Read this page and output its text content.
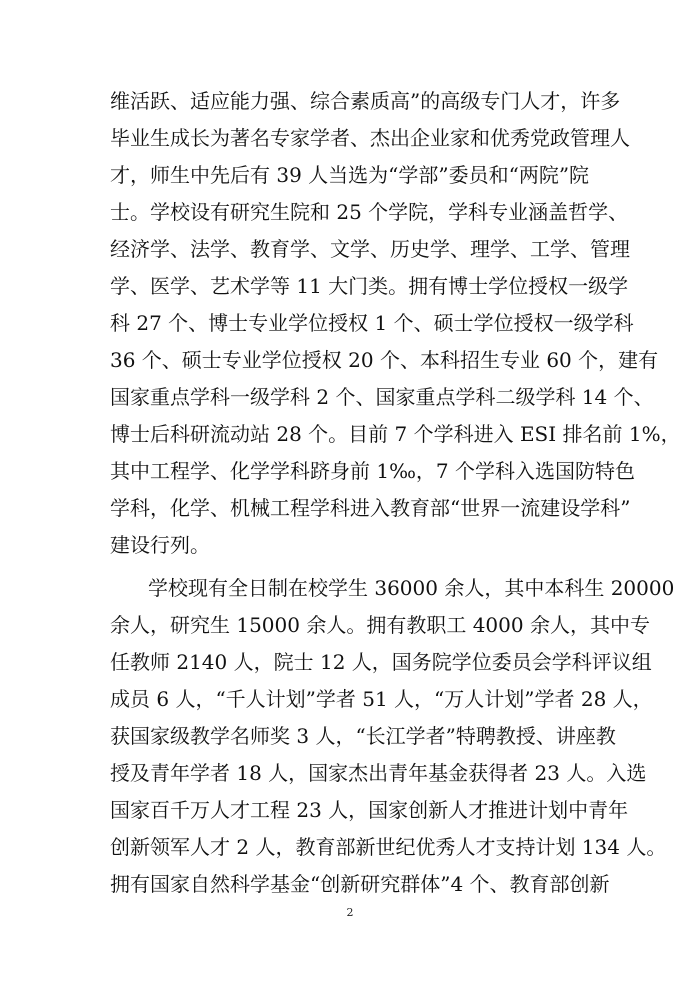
维活跃、适应能力强、综合素质高”的高级专门人才，许多
毕业生成长为著名专家学者、杰出企业家和优秀党政管理人
才，师生中先后有 39 人当选为“学部”委员和“两院”院
士。学校设有研究生院和 25 个学院，学科专业涵盖哲学、
经济学、法学、教育学、文学、历史学、理学、工学、管理
学、医学、艺术学等 11 大门类。拥有博士学位授权一级学
科 27 个、博士专业学位授权 1 个、硕士学位授权一级学科
36 个、硕士专业学位授权 20 个、本科招生专业 60 个，建有
国家重点学科一级学科 2 个、国家重点学科二级学科 14 个、
博士后科研流动站 28 个。目前 7 个学科进入 ESI 排名前 1%，
其中工程学、化学学科跻身前 1‰，7 个学科入选国防特色
学科，化学、机械工程学科进入教育部“世界一流建设学科”
建设行列。
学校现有全日制在校学生 36000 余人，其中本科生 20000
余人，研究生 15000 余人。拥有教职工 4000 余人，其中专
任教师 2140 人，院士 12 人，国务院学位委员会学科评议组
成员 6 人，“千人计划”学者 51 人，“万人计划”学者 28 人，
获国家级教学名师奖 3 人，“长江学者”特聘教授、讲座教
授及青年学者 18 人，国家杰出青年基金获得者 23 人。入选
国家百千万人才工程 23 人，国家创新人才推进计划中青年
创新领军人才 2 人，教育部新世纪优秀人才支持计划 134 人。
拥有国家自然科学基金“创新研究群体”4 个、教育部创新
2
